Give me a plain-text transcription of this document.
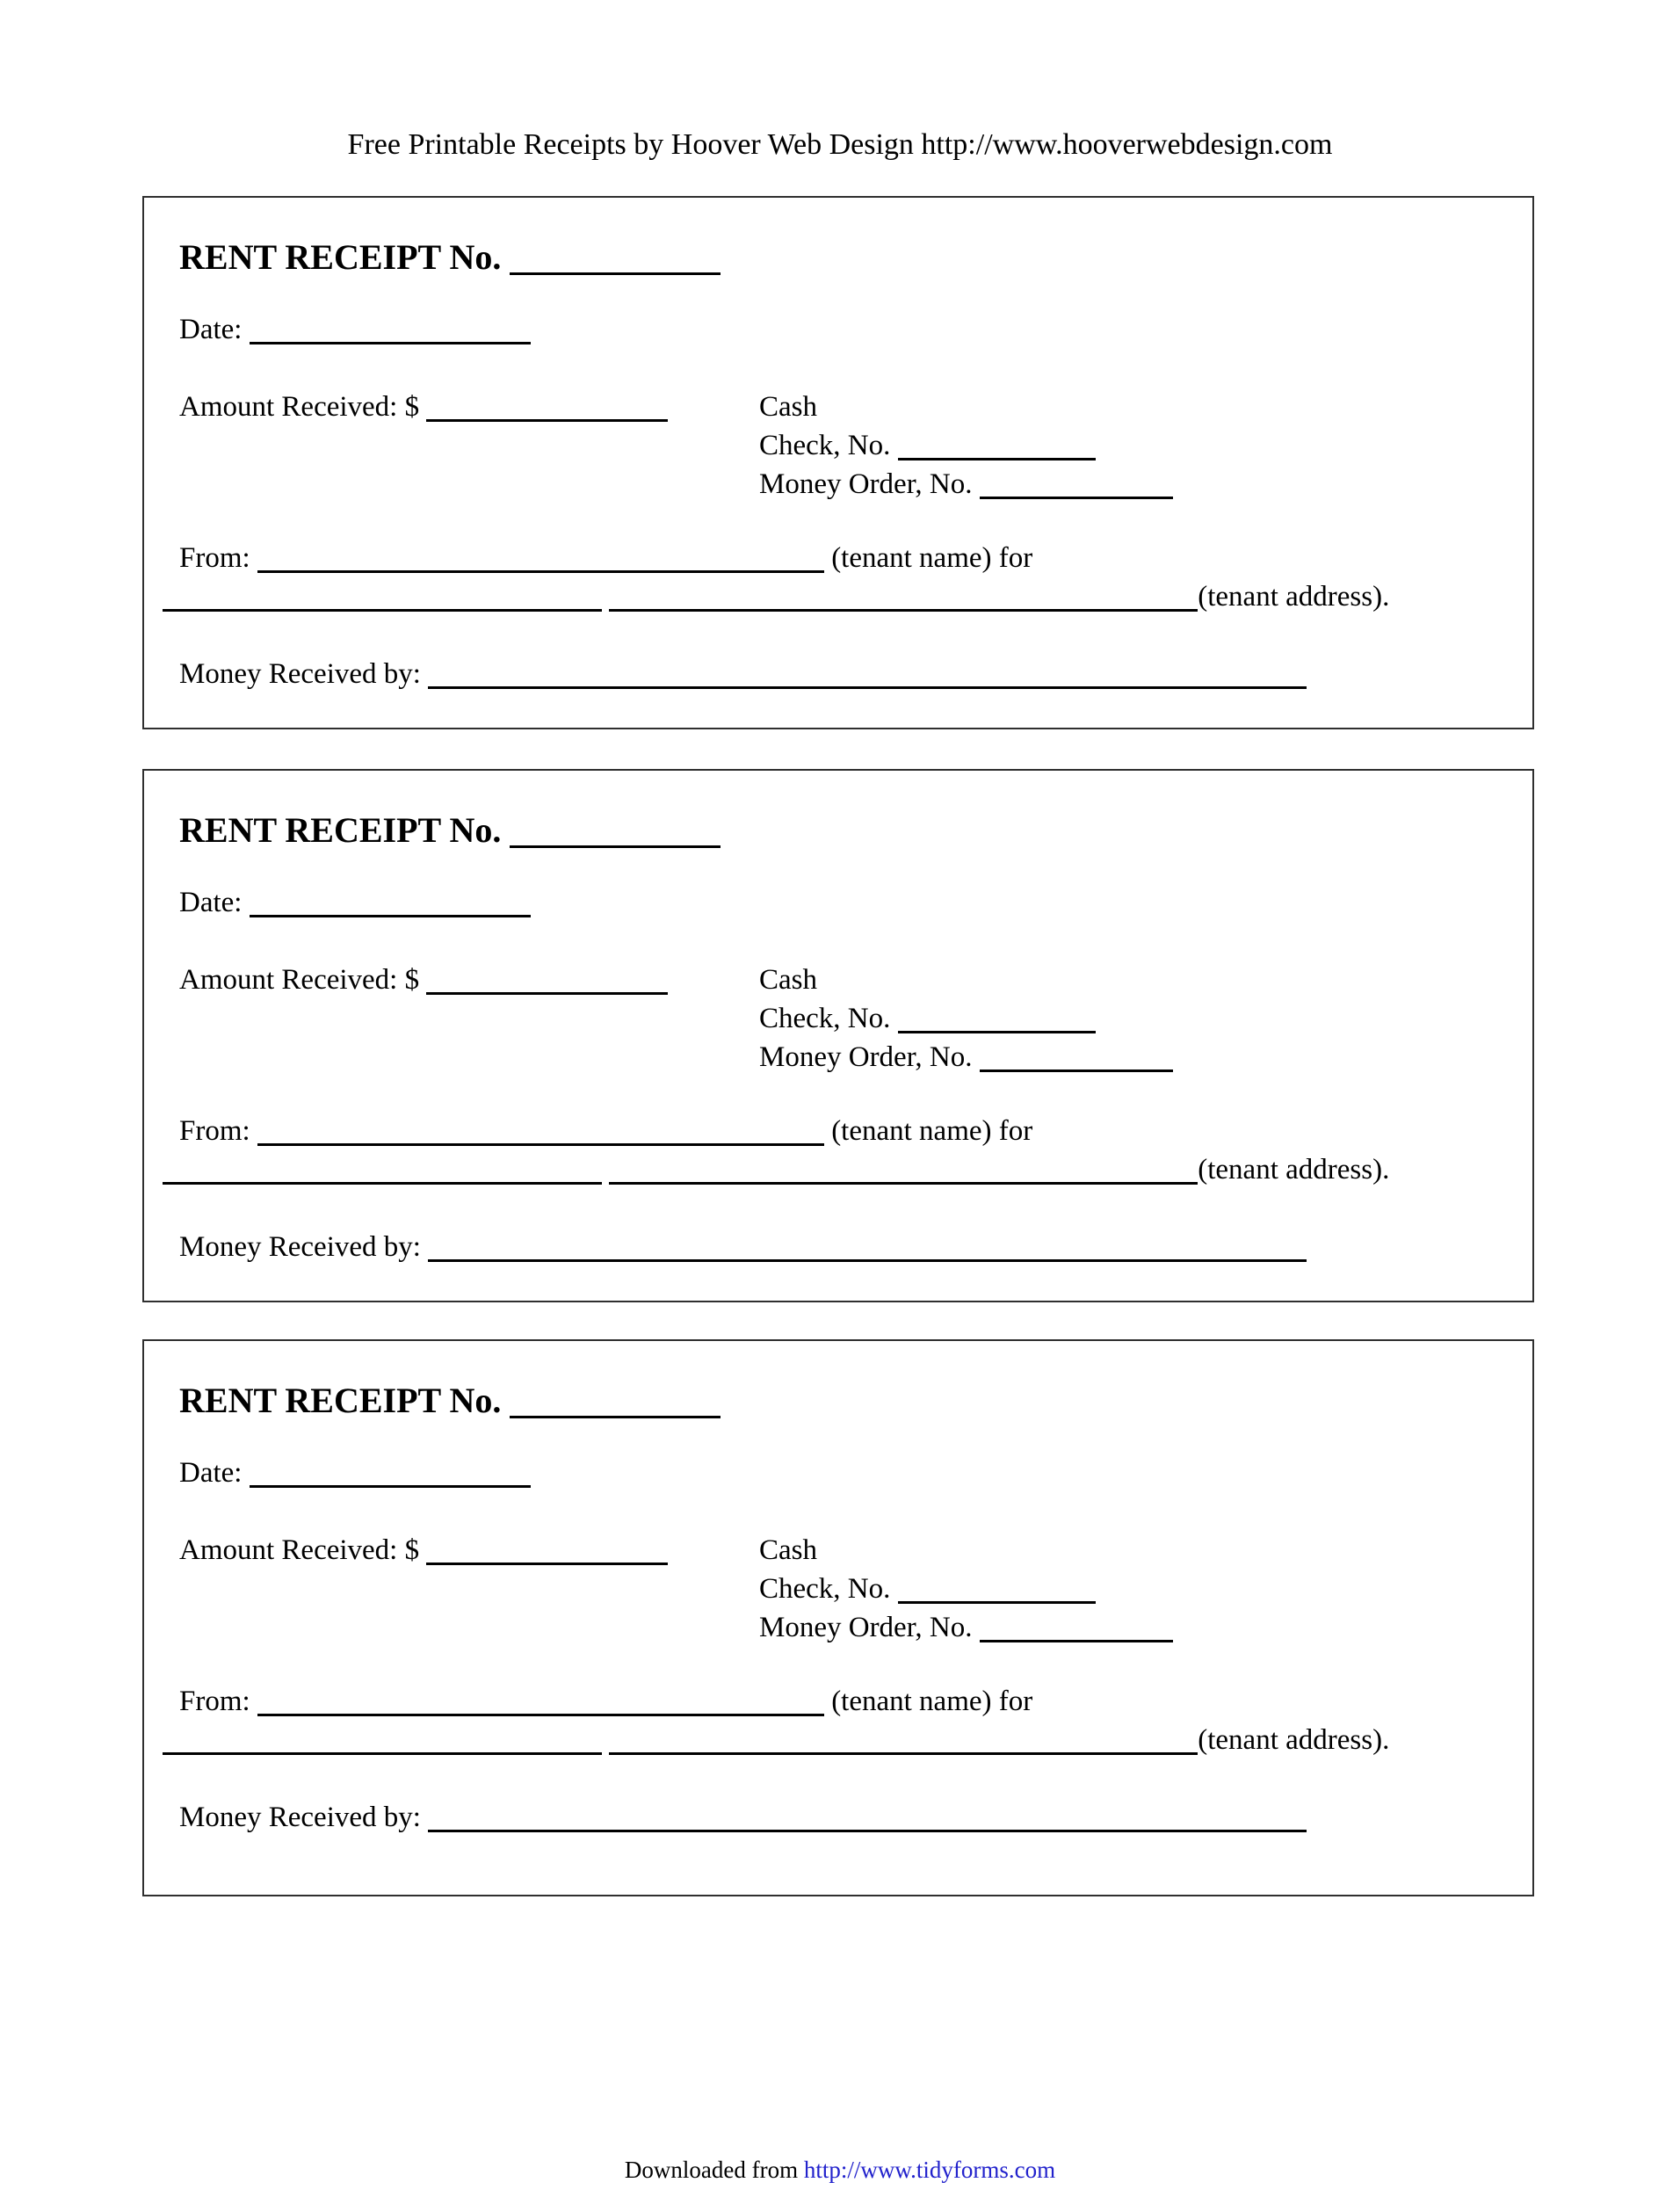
Free Printable Receipts by Hoover Web Design http://www.hooverwebdesign.com

RENT RECEIPT No.

Date:

Amount Received: $	Cash

Check, No.

Money Order, No.

From:	(tenant name) for

(tenant address).

Money Received by:

RENT RECEIPT No.

Date:

Amount Received: $	Cash

Check, No.

Money Order, No.

From:	(tenant name) for

(tenant address).

Money Received by:

RENT RECEIPT No.

Date:

Amount Received: $	Cash

Check, No.

Money Order, No.

From:	(tenant name) for

(tenant address).

Money Received by:

Downloaded from http://www.tidyforms.com
